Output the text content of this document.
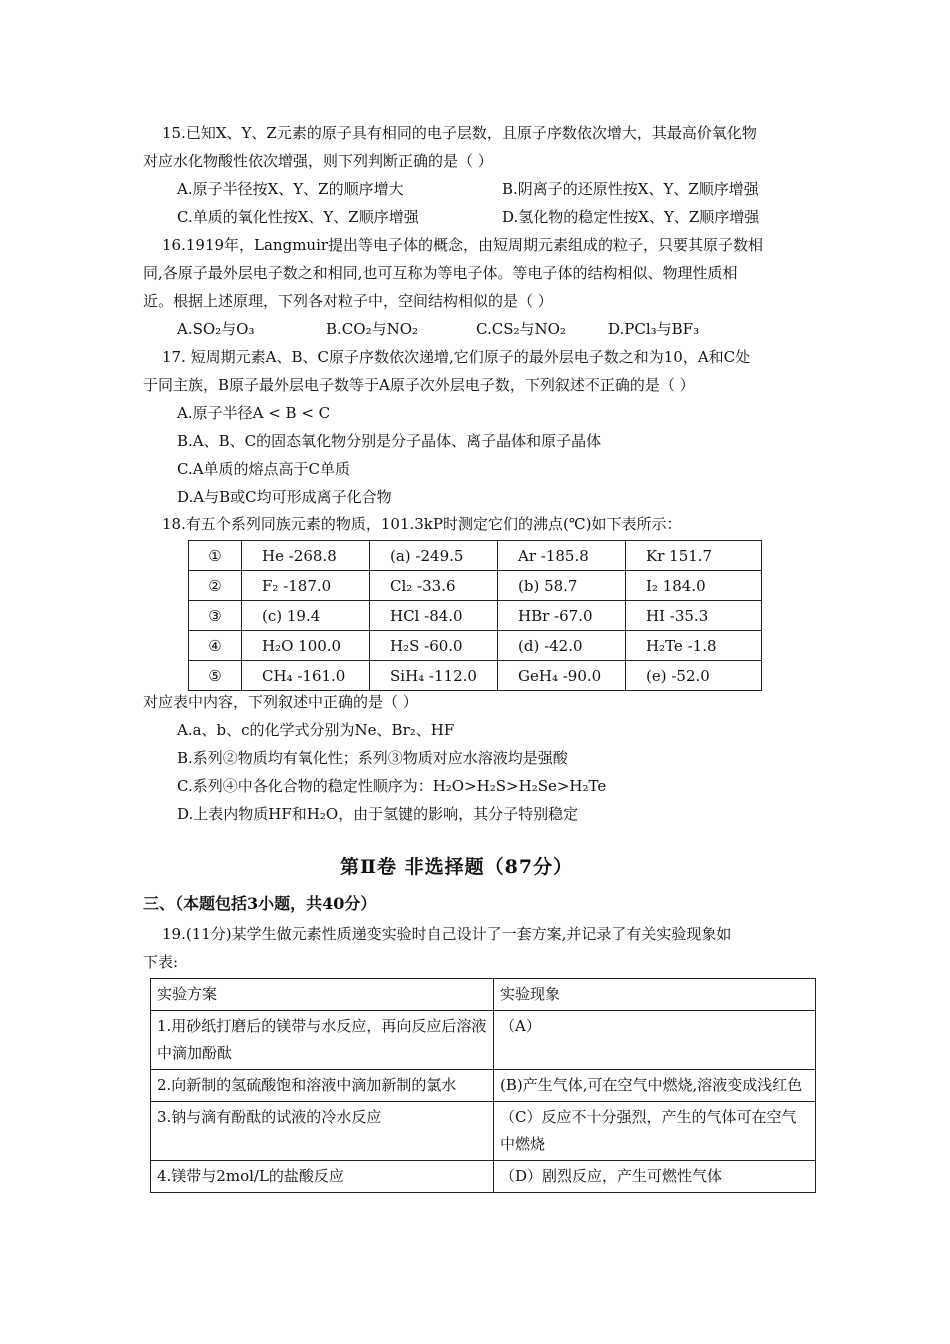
15.已知X、Y、Z元素的原子具有相同的电子层数，且原子序数依次增大，其最高价氧化物
对应水化物酸性依次增强，则下列判断正确的是（ ）
A.原子半径按X、Y、Z的顺序增大	B.阴离子的还原性按X、Y、Z顺序增强
C.单质的氧化性按X、Y、Z顺序增强	D.氢化物的稳定性按X、Y、Z顺序增强
16.1919年，Langmuir提出等电子体的概念，由短周期元素组成的粒子，只要其原子数相
同,各原子最外层电子数之和相同,也可互称为等电子体。等电子体的结构相似、物理性质相
近。根据上述原理，下列各对粒子中，空间结构相似的是（ ）
A.SO₂与O₃	B.CO₂与NO₂	C.CS₂与NO₂	D.PCl₃与BF₃
17. 短周期元素A、B、C原子序数依次递增,它们原子的最外层电子数之和为10，A和C处
于同主族，B原子最外层电子数等于A原子次外层电子数，下列叙述不正确的是（ ）
A.原子半径A < B < C
B.A、B、C的固态氧化物分别是分子晶体、离子晶体和原子晶体
C.A单质的熔点高于C单质
D.A与B或C均可形成离子化合物
18.有五个系列同族元素的物质，101.3kP时测定它们的沸点(℃)如下表所示：
①	He -268.8	(a) -249.5	Ar -185.8	Kr 151.7
②	F₂ -187.0	Cl₂ -33.6	(b) 58.7	I₂ 184.0
③	(c) 19.4	HCl -84.0	HBr -67.0	HI -35.3
④	H₂O 100.0	H₂S -60.0	(d) -42.0	H₂Te -1.8
⑤	CH₄ -161.0	SiH₄ -112.0	GeH₄ -90.0	(e) -52.0
对应表中内容，下列叙述中正确的是（ ）
A.a、b、c的化学式分别为Ne、Br₂、HF
B.系列②物质均有氧化性；系列③物质对应水溶液均是强酸
C.系列④中各化合物的稳定性顺序为：H₂O>H₂S>H₂Se>H₂Te
D.上表内物质HF和H₂O，由于氢键的影响，其分子特别稳定
第Ⅱ卷 非选择题（87分）
三、（本题包括3小题，共40分）
19.(11分)某学生做元素性质递变实验时自己设计了一套方案,并记录了有关实验现象如
下表:
实验方案	实验现象
1.用砂纸打磨后的镁带与水反应，再向反应后溶液中滴加酚酞	（A）
2.向新制的氢硫酸饱和溶液中滴加新制的氯水	(B)产生气体,可在空气中燃烧,溶液变成浅红色
3.钠与滴有酚酞的试液的冷水反应	（C）反应不十分强烈，产生的气体可在空气中燃烧
4.镁带与2mol/L的盐酸反应	（D）剧烈反应，产生可燃性气体
